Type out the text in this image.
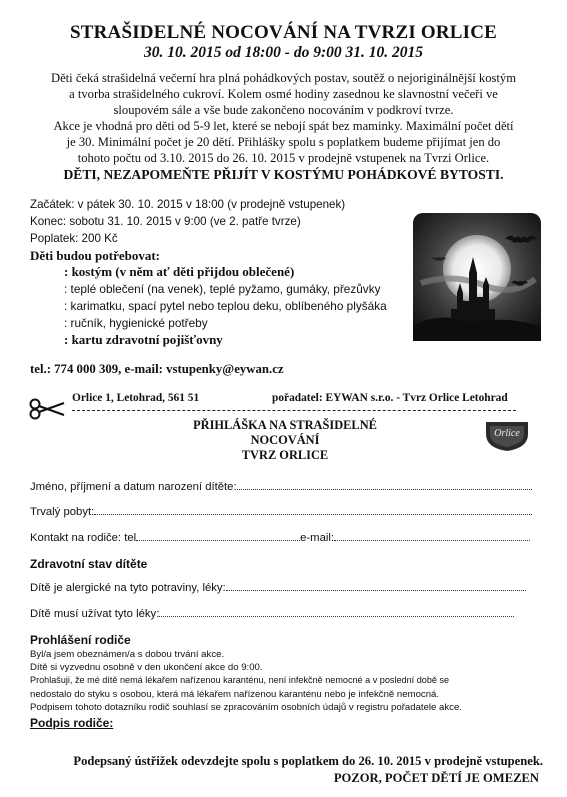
STRAŠIDELNÉ NOCOVÁNÍ NA TVRZI ORLICE
30. 10. 2015 od 18:00 - do 9:00 31. 10. 2015
Děti čeká strašidelná večerní hra plná pohádkových postav, soutěž o nejoriginálnější kostým
a tvorba strašidelného cukroví. Kolem osmé hodiny zasednou ke slavnostní večeři ve
sloupovém sále a vše bude zakončeno nocováním v podkroví tvrze.
Akce je vhodná pro děti od 5-9 let, které se nebojí spát bez maminky. Maximální počet dětí
je 30. Minimální počet je 20 dětí. Přihlášky spolu s poplatkem budeme přijímat jen do
tohoto počtu od 3.10. 2015 do 26. 10. 2015 v prodejně vstupenek na Tvrzi Orlice.
DĚTI, NEZAPOMEŇTE PŘIJÍT V KOSTÝMU POHÁDKOVÉ BYTOSTI.
Začátek: v pátek 30. 10. 2015 v 18:00 (v prodejně vstupenek)
Konec: sobotu 31. 10. 2015 v 9:00 (ve 2. patře tvrze)
Poplatek: 200 Kč
Děti budou potřebovat:
: kostým (v něm ať děti přijdou oblečené)
: teplé oblečení (na venek), teplé pyžamo, gumáky, přezůvky
: karimatku, spací pytel nebo teplou deku, oblíbeného plyšáka
: ručník, hygienické potřeby
: kartu zdravotní pojišťovny
tel.: 774 000 309, e-mail: vstupenky@eywan.cz
Orlice 1, Letohrad, 561 51	pořadatel: EYWAN s.r.o. - Tvrz Orlice Letohrad
PŘIHLÁŠKA NA STRAŠIDELNÉ NOCOVÁNÍ
TVRZ ORLICE
Orlice
Jméno, příjmení a datum narození dítěte:
Trvalý pobyt:
Kontakt na rodiče: tel	e-mail:
Zdravotní stav dítěte
Dítě je alergické na tyto potraviny, léky:
Dítě musí užívat tyto léky:
Prohlášení rodiče
Byl/a jsem obeznámen/a s dobou trvání akce.
Dítě si vyzvednu osobně v den ukončení akce do 9:00.
Prohlašuji, že mé dítě nemá lékařem nařízenou karanténu, není infekčně nemocné a v poslední době se
nedostalo do styku s osobou, která má lékařem nařízenou karanténu nebo je infekčně nemocná.
Podpisem tohoto dotazníku rodič souhlasí se zpracováním osobních údajů v registru pořadatele akce.
Podpis rodiče:
Podepsaný ústřižek odevzdejte spolu s poplatkem do 26. 10. 2015 v prodejně vstupenek.
POZOR, POČET DĚTÍ JE OMEZEN
